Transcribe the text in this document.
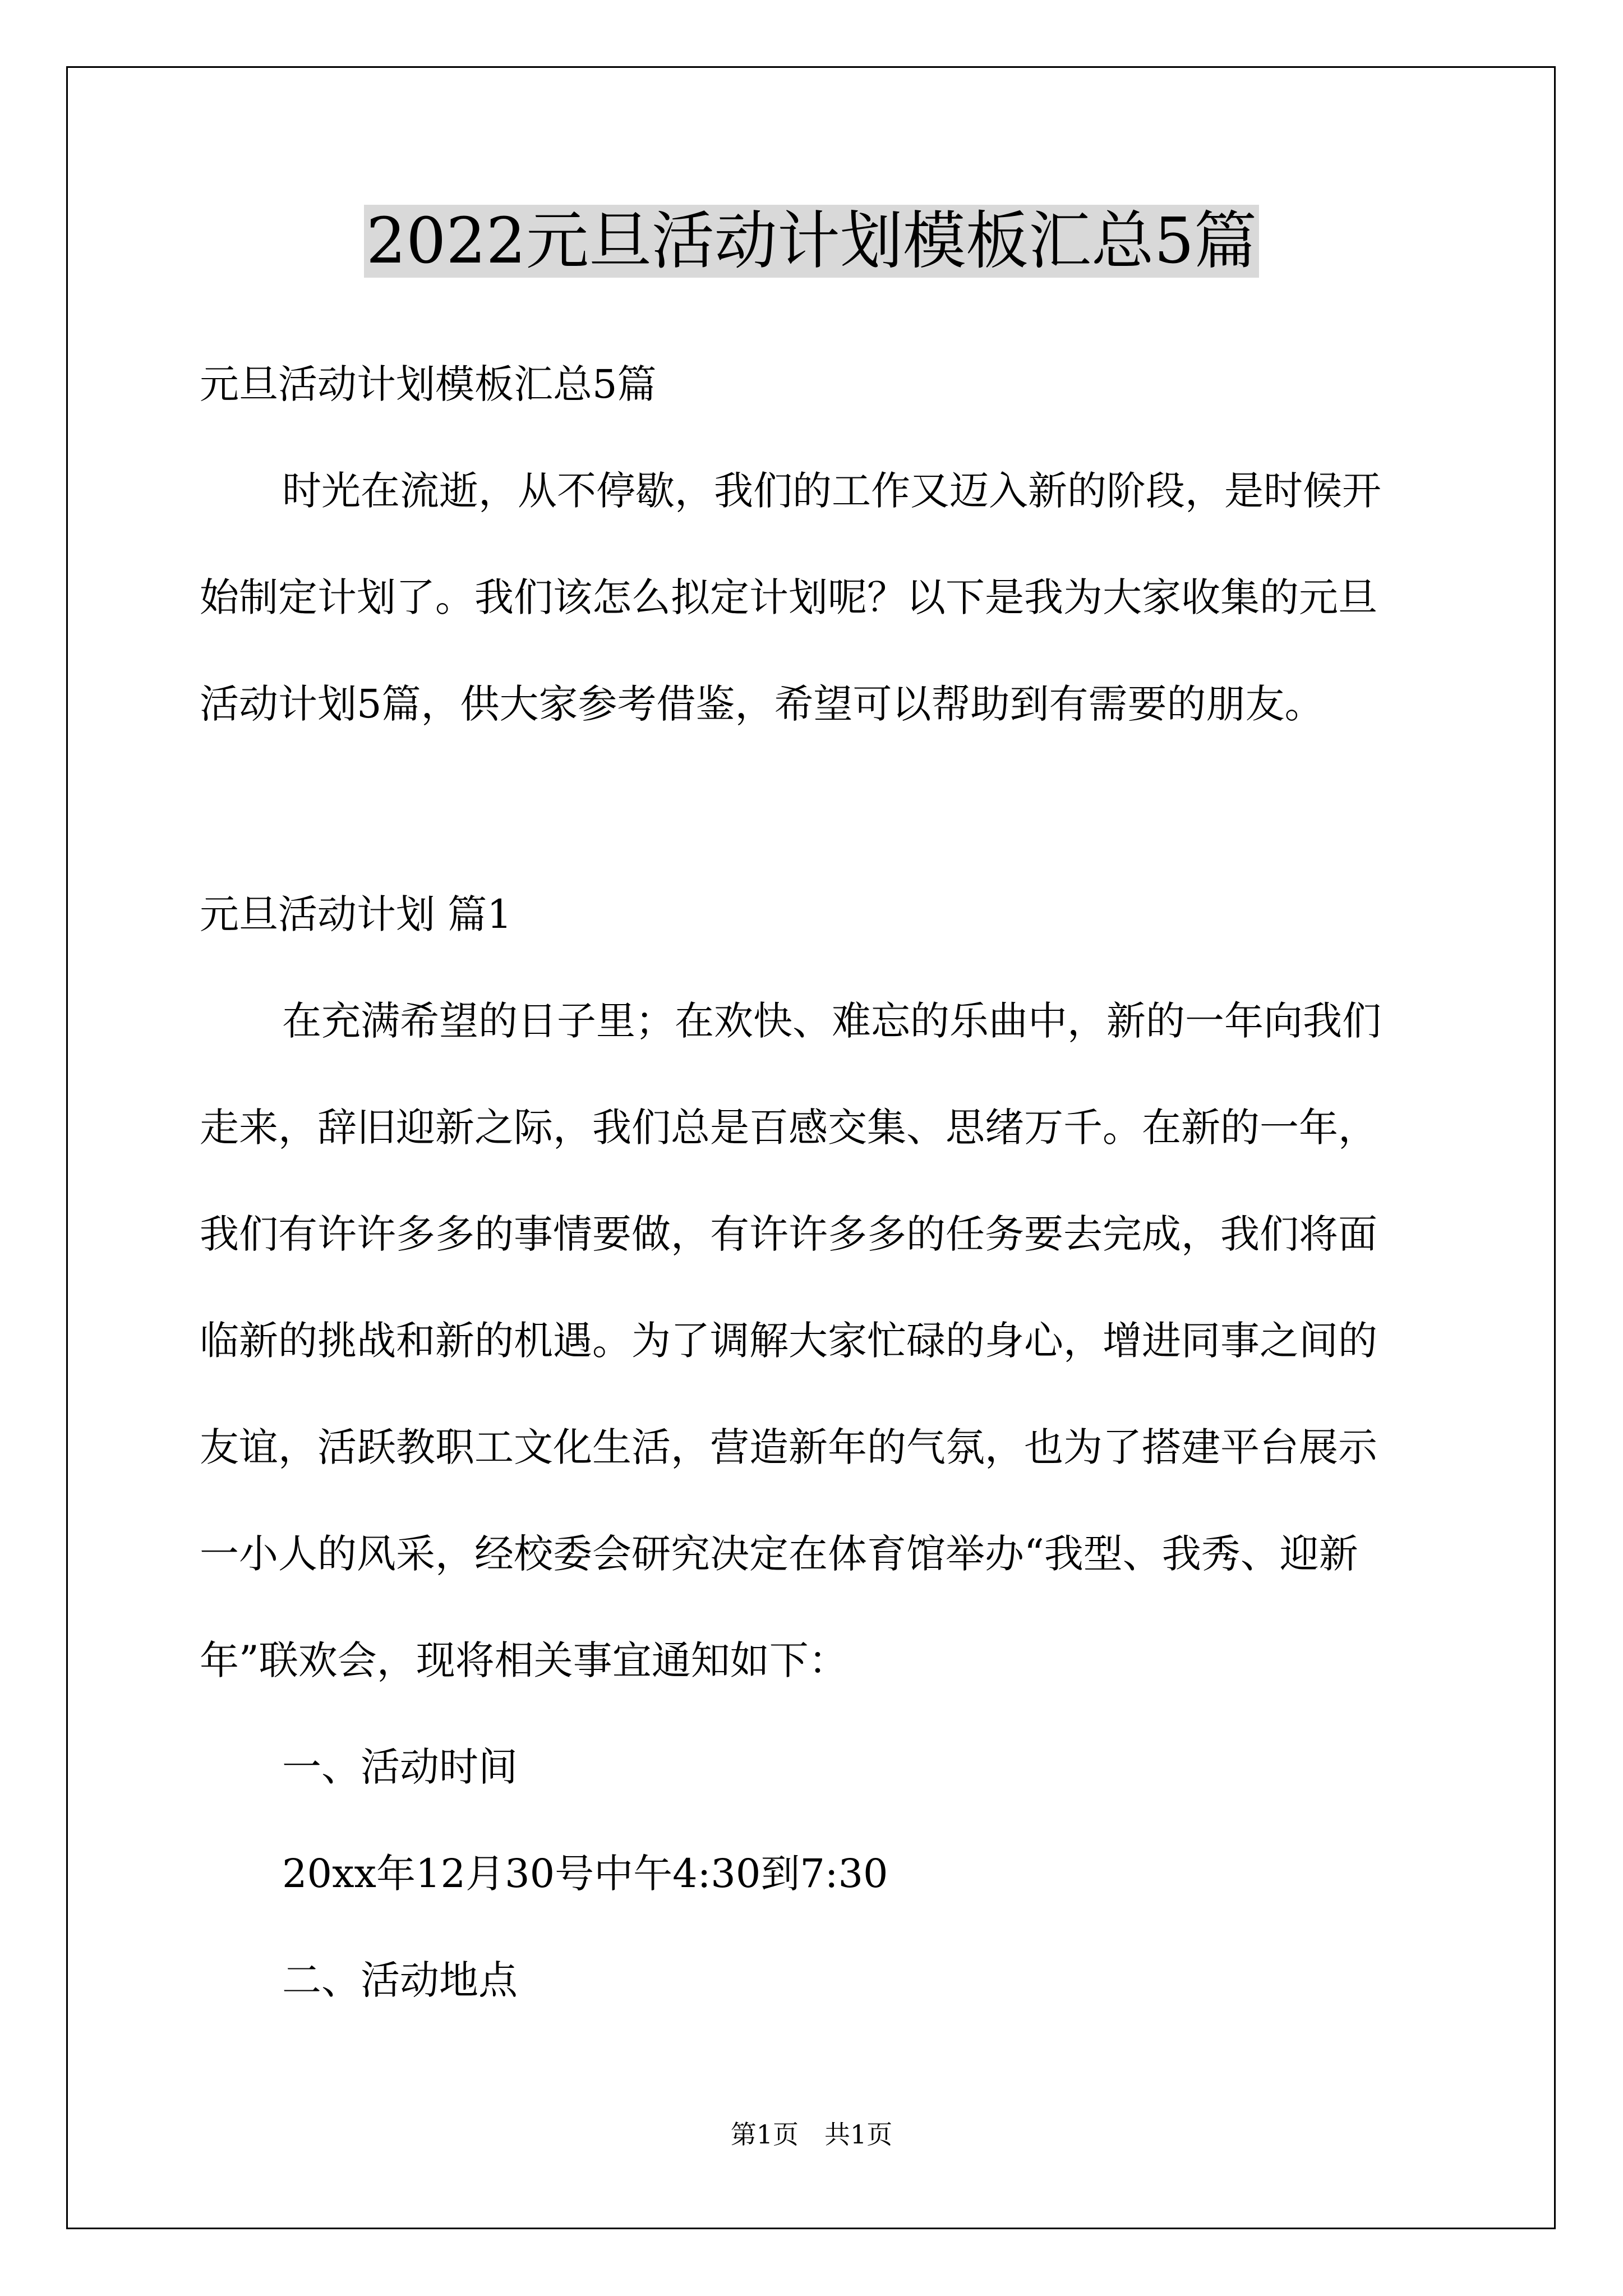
2022元旦活动计划模板汇总5篇

元旦活动计划模板汇总5篇

时光在流逝，从不停歇，我们的工作又迈入新的阶段，是时候开

始制定计划了。我们该怎么拟定计划呢？以下是我为大家收集的元旦

活动计划5篇，供大家参考借鉴，希望可以帮助到有需要的朋友。

元旦活动计划 篇1

在充满希望的日子里；在欢快、难忘的乐曲中，新的一年向我们

走来，辞旧迎新之际，我们总是百感交集、思绪万千。在新的一年，

我们有许许多多的事情要做，有许许多多的任务要去完成，我们将面

临新的挑战和新的机遇。为了调解大家忙碌的身心，增进同事之间的

友谊，活跃教职工文化生活，营造新年的气氛，也为了搭建平台展示

一小人的风采，经校委会研究决定在体育馆举办“我型、我秀、迎新

年”联欢会，现将相关事宜通知如下：

一、活动时间

20xx年12月30号中午4:30到7:30

二、活动地点

第1页　共1页
